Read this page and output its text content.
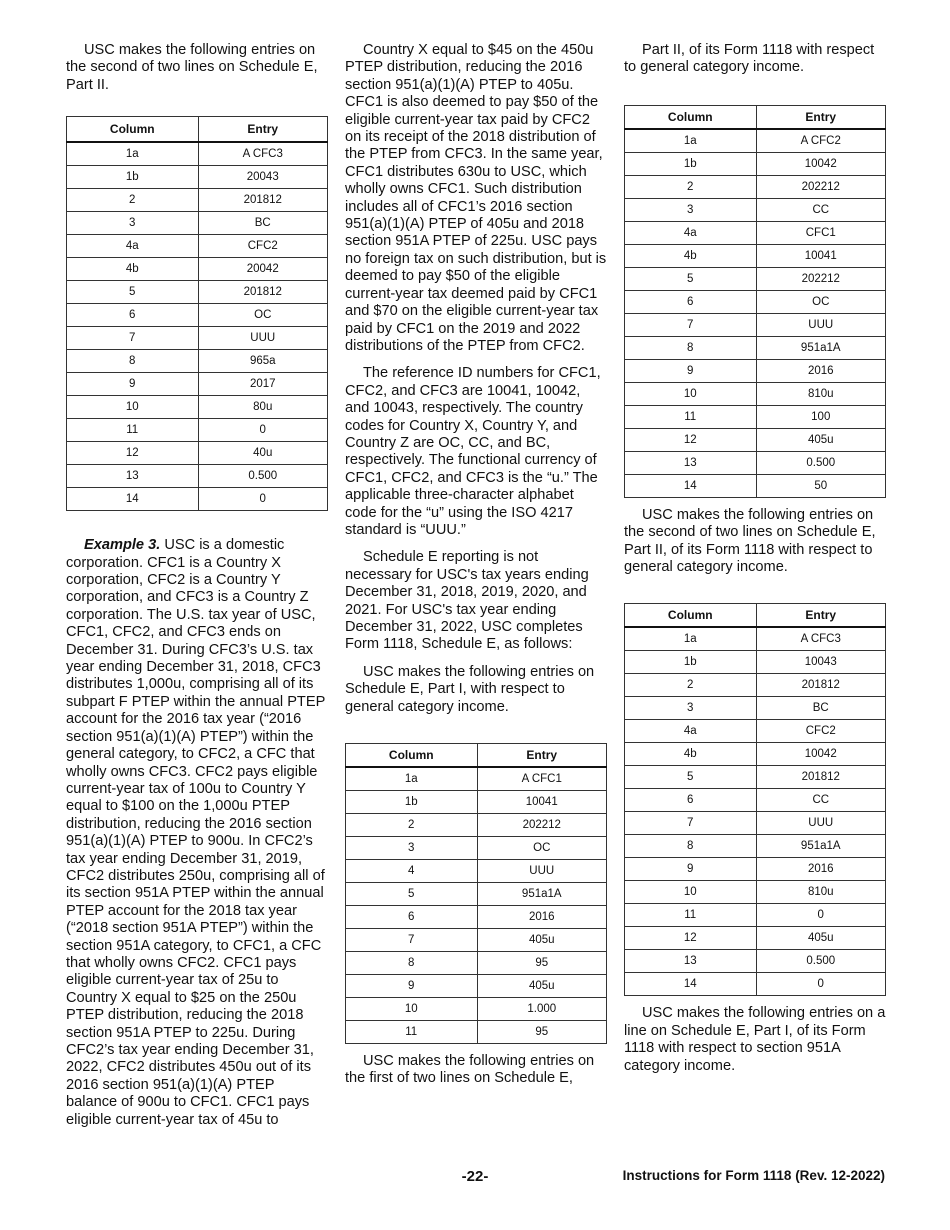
USC makes the following entries on the second of two lines on Schedule E, Part II.

Column	Entry
1a	A CFC3
1b	20043
2	201812
3	BC
4a	CFC2
4b	20042
5	201812
6	OC
7	UUU
8	965a
9	2017
10	80u
11	0
12	40u
13	0.500
14	0

Example 3. USC is a domestic corporation. CFC1 is a Country X corporation, CFC2 is a Country Y corporation, and CFC3 is a Country Z corporation. The U.S. tax year of USC, CFC1, CFC2, and CFC3 ends on December 31. During CFC3’s U.S. tax year ending December 31, 2018, CFC3 distributes 1,000u, comprising all of its subpart F PTEP within the annual PTEP account for the 2016 tax year (“2016 section 951(a)(1)(A) PTEP”) within the general category, to CFC2, a CFC that wholly owns CFC3. CFC2 pays eligible current-year tax of 100u to Country Y equal to $100 on the 1,000u PTEP distribution, reducing the 2016 section 951(a)(1)(A) PTEP to 900u. In CFC2’s tax year ending December 31, 2019, CFC2 distributes 250u, comprising all of its section 951A PTEP within the annual PTEP account for the 2018 tax year (“2018 section 951A PTEP”) within the section 951A category, to CFC1, a CFC that wholly owns CFC2. CFC1 pays eligible current-year tax of 25u to Country X equal to $25 on the 250u PTEP distribution, reducing the 2018 section 951A PTEP to 225u. During CFC2’s tax year ending December 31, 2022, CFC2 distributes 450u out of its 2016 section 951(a)(1)(A) PTEP balance of 900u to CFC1. CFC1 pays eligible current-year tax of 45u to

Country X equal to $45 on the 450u PTEP distribution, reducing the 2016 section 951(a)(1)(A) PTEP to 405u. CFC1 is also deemed to pay $50 of the eligible current-year tax paid by CFC2 on its receipt of the 2018 distribution of the PTEP from CFC3. In the same year, CFC1 distributes 630u to USC, which wholly owns CFC1. Such distribution includes all of CFC1’s 2016 section 951(a)(1)(A) PTEP of 405u and 2018 section 951A PTEP of 225u. USC pays no foreign tax on such distribution, but is deemed to pay $50 of the eligible current-year tax deemed paid by CFC1 and $70 on the eligible current-year tax paid by CFC1 on the 2019 and 2022 distributions of the PTEP from CFC2.

The reference ID numbers for CFC1, CFC2, and CFC3 are 10041, 10042, and 10043, respectively. The country codes for Country X, Country Y, and Country Z are OC, CC, and BC, respectively. The functional currency of CFC1, CFC2, and CFC3 is the “u.” The applicable three-character alphabet code for the “u” using the ISO 4217 standard is “UUU.”

Schedule E reporting is not necessary for USC's tax years ending December 31, 2018, 2019, 2020, and 2021. For USC's tax year ending December 31, 2022, USC completes Form 1118, Schedule E, as follows:

USC makes the following entries on Schedule E, Part I, with respect to general category income.

Column	Entry
1a	A CFC1
1b	10041
2	202212
3	OC
4	UUU
5	951a1A
6	2016
7	405u
8	95
9	405u
10	1.000
11	95

USC makes the following entries on the first of two lines on Schedule E,

Part II, of its Form 1118 with respect to general category income.

Column	Entry
1a	A CFC2
1b	10042
2	202212
3	CC
4a	CFC1
4b	10041
5	202212
6	OC
7	UUU
8	951a1A
9	2016
10	810u
11	100
12	405u
13	0.500
14	50

USC makes the following entries on the second of two lines on Schedule E, Part II, of its Form 1118 with respect to general category income.

Column	Entry
1a	A CFC3
1b	10043
2	201812
3	BC
4a	CFC2
4b	10042
5	201812
6	CC
7	UUU
8	951a1A
9	2016
10	810u
11	0
12	405u
13	0.500
14	0

USC makes the following entries on a line on Schedule E, Part I, of its Form 1118 with respect to section 951A category income.

-22-	Instructions for Form 1118 (Rev. 12-2022)
